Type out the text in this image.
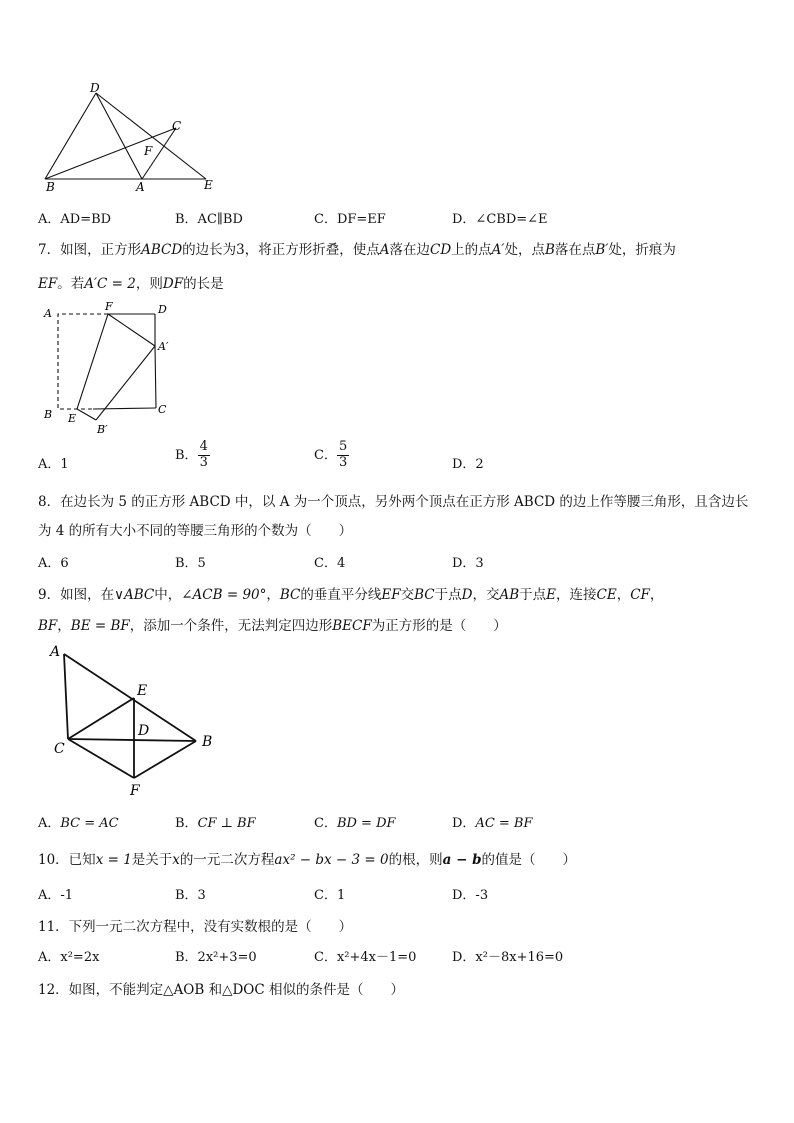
D
C
F
B	A	E
A．AD=BD	B．AC∥BD	C．DF=EF	D．∠CBD=∠E
7．如图，正方形ABCD的边长为3，将正方形折叠，使点A落在边CD上的点A′处，点B落在点B′处，折痕为
EF。若A′C = 2，则DF的长是
A
F	D
A′
B E
C
B′
A．1
B． $\frac{4}{3}$	C． $\frac{5}{3}$	D．2
8．在边长为 5 的正方形 ABCD 中，以 A 为一个顶点，另外两个顶点在正方形 ABCD 的边上作等腰三角形，且含边长
为 4 的所有大小不同的等腰三角形的个数为（　　）
A．6	B．5	C．4	D．3
9．如图，在∨ABC中，∠ACB = 90°，BC的垂直平分线EF交BC于点D，交AB于点E，连接CE，CF，
BF，BE = BF，添加一个条件，无法判定四边形BECF为正方形的是（　　）
A
E
D
C	B
F
A．BC = AC	B．CF ⊥ BF	C．BD = DF	D．AC = BF
10．已知x = 1是关于x的一元二次方程ax² − bx − 3 = 0的根，则a − b的值是（　　）
A．-1	B．3	C．1	D．-3
11．下列一元二次方程中，没有实数根的是（　　）
A．x²=2x	B．2x²+3=0	C．x²+4x－1=0	D．x²－8x+16=0
12．如图，不能判定△AOB 和△DOC 相似的条件是（　　）
